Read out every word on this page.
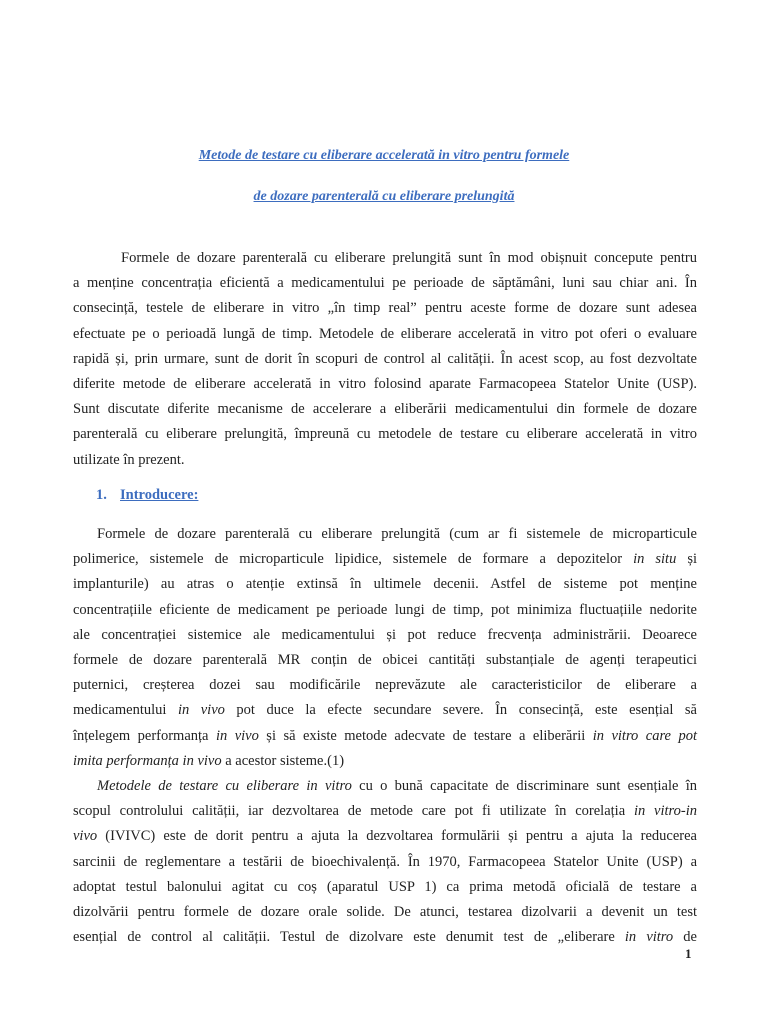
Metode de testare cu eliberare accelerată in vitro pentru formele
de dozare parenterală cu eliberare prelungită
Formele de dozare parenterală cu eliberare prelungită sunt în mod obișnuit concepute pentru
a menține concentrația eficientă a medicamentului pe perioade de săptămâni, luni sau chiar ani. În
consecință, testele de eliberare in vitro „în timp real” pentru aceste forme de dozare sunt adesea
efectuate pe o perioadă lungă de timp. Metodele de eliberare accelerată in vitro pot oferi o evaluare
rapidă și, prin urmare, sunt de dorit în scopuri de control al calității. În acest scop, au fost dezvoltate
diferite metode de eliberare accelerată in vitro folosind aparate Farmacopeea Statelor Unite (USP).
Sunt discutate diferite mecanisme de accelerare a eliberării medicamentului din formele de dozare
parenterală cu eliberare prelungită, împreună cu metodele de testare cu eliberare accelerată in vitro
utilizate în prezent.
1. Introducere:
Formele de dozare parenterală cu eliberare prelungită (cum ar fi sistemele de microparticule
polimerice, sistemele de microparticule lipidice, sistemele de formare a depozitelor in situ și
implanturile) au atras o atenție extinsă în ultimele decenii. Astfel de sisteme pot menține
concentrațiile eficiente de medicament pe perioade lungi de timp, pot minimiza fluctuațiile nedorite
ale concentrației sistemice ale medicamentului și pot reduce frecvența administrării. Deoarece
formele de dozare parenterală MR conțin de obicei cantități substanțiale de agenți terapeutici
puternici, creșterea dozei sau modificările neprevăzute ale caracteristicilor de eliberare a
medicamentului in vivo pot duce la efecte secundare severe. În consecință, este esențial să
înțelegem performanța in vivo și să existe metode adecvate de testare a eliberării in vitro care pot
imita performanța in vivo a acestor sisteme.(1)
Metodele de testare cu eliberare in vitro cu o bună capacitate de discriminare sunt esențiale în
scopul controlului calității, iar dezvoltarea de metode care pot fi utilizate în corelația in vitro-in
vivo (IVIVC) este de dorit pentru a ajuta la dezvoltarea formulării și pentru a ajuta la reducerea
sarcinii de reglementare a testării de bioechivalență. În 1970, Farmacopeea Statelor Unite (USP) a
adoptat testul balonului agitat cu coș (aparatul USP 1) ca prima metodă oficială de testare a
dizolvării pentru formele de dozare orale solide. De atunci, testarea dizolvarii a devenit un test
esențial de control al calității. Testul de dizolvare este denumit test de „eliberare in vitro de
1
